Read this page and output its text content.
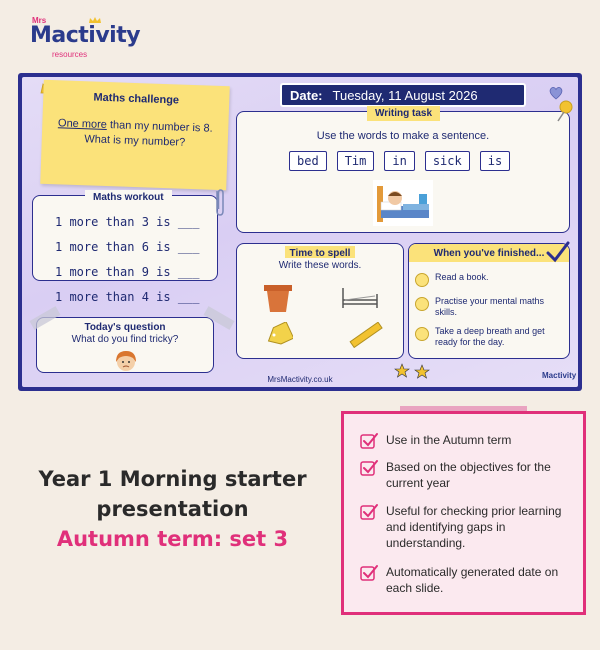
Mrs
Mactivity
resources
Maths challenge
One more than my number is 8.
What is my number?
Date: Tuesday, 11 August 2026
Writing task
Use the words to make a sentence.
bed	Tim	in	sick	is
Maths workout
1 more than 3 is ___
1 more than 6 is ___
1 more than 9 is ___
1 more than 4 is ___
Today's question
What do you find tricky?
Time to spell
Write these words.
When you've finished...
Read a book.
Practise your mental maths skills.
Take a deep breath and get ready for the day.
MrsMactivity.co.uk	Mactivity
Year 1 Morning starter
presentation
Autumn term: set 3
Use in the Autumn term
Based on the objectives for the current year
Useful for checking prior learning and identifying gaps in understanding.
Automatically generated date on each slide.
